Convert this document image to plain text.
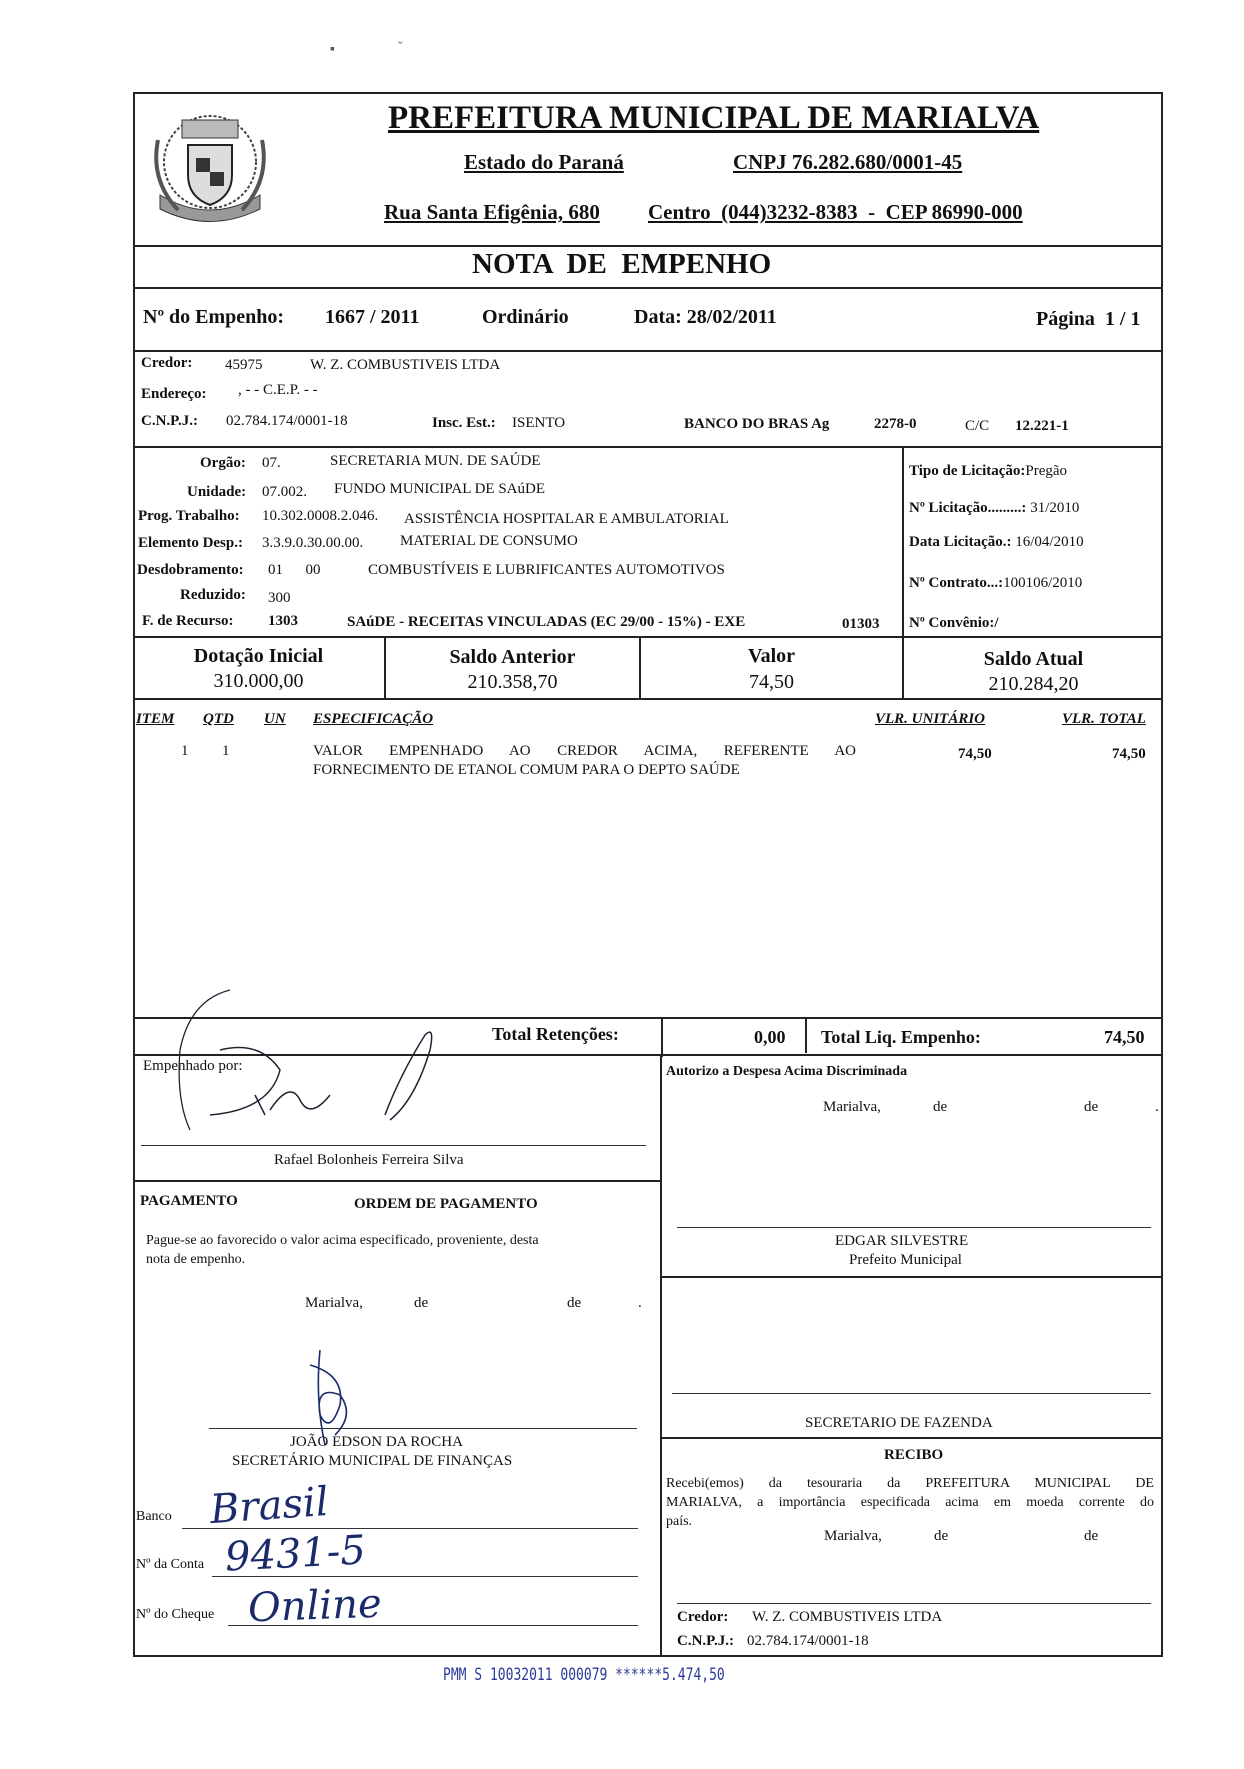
▪	ˇ
PREFEITURA MUNICIPAL DE MARIALVA
Estado do Paraná	CNPJ 76.282.680/0001-45
Rua Santa Efigênia, 680 Centro  (044)3232-8383  -  CEP 86990-000
NOTA  DE  EMPENHO
Nº do Empenho: 1667 / 2011	Ordinário	Data: 28/02/2011	Página  1 / 1
Credor: 45975	W. Z. COMBUSTIVEIS LTDA
Endereço: , - - C.E.P. - -
C.N.P.J.: 02.784.174/0001-18	Insc. Est.: ISENTO	BANCO DO BRAS Ag	2278-0	C/C 12.221-1
Orgão: 07.	SECRETARIA MUN. DE SAÚDE
Unidade: 07.002. FUNDO MUNICIPAL DE SAúDE
Prog. Trabalho: 10.302.0008.2.046. ASSISTÊNCIA HOSPITALAR E AMBULATORIAL
Elemento Desp.: 3.3.9.0.30.00.00. MATERIAL DE CONSUMO
Desdobramento: 01      00	COMBUSTÍVEIS E LUBRIFICANTES AUTOMOTIVOS
Reduzido: 300
F. de Recurso: 1303	SAúDE - RECEITAS VINCULADAS (EC 29/00 - 15%) - EXE	01303
Tipo de Licitação:Pregão
Nº Licitação.........: 31/2010
Data Licitação.: 16/04/2010
Nº Contrato...:100106/2010
Nº Convênio:/
Dotação Inicial
310.000,00
Saldo Anterior
210.358,70
Valor
74,50
Saldo Atual
210.284,20
ITEM QTD UN ESPECIFICAÇÃO	VLR. UNITÁRIO	VLR. TOTAL
1 1	VALOR EMPENHADO AO CREDOR ACIMA, REFERENTE AO
FORNECIMENTO DE ETANOL COMUM PARA O DEPTO SAÚDE
74,50	74,50
Total Retenções:	0,00 Total Liq. Empenho:	74,50
Empenhado por:
Rafael Bolonheis Ferreira Silva
PAGAMENTO	ORDEM DE PAGAMENTO
Pague-se ao favorecido o valor acima especificado, proveniente, desta
nota de empenho.
Marialva,	de	de	.
JOÃO EDSON DA ROCHA
SECRETÁRIO MUNICIPAL DE FINANÇAS
Banco Brasil
Nº da Conta 9431-5
Nº do Cheque Online
Autorizo a Despesa Acima Discriminada
Marialva,	de	de	.
EDGAR SILVESTRE
Prefeito Municipal
SECRETARIO DE FAZENDA
RECIBO
Recebi(emos) da tesouraria da PREFEITURA MUNICIPAL DE
MARIALVA, a importância especificada acima em moeda corrente do
país.
Marialva,	de	de
Credor: W. Z. COMBUSTIVEIS LTDA
C.N.P.J.: 02.784.174/0001-18
PMM S 10032011 000079 ******5.474,50
